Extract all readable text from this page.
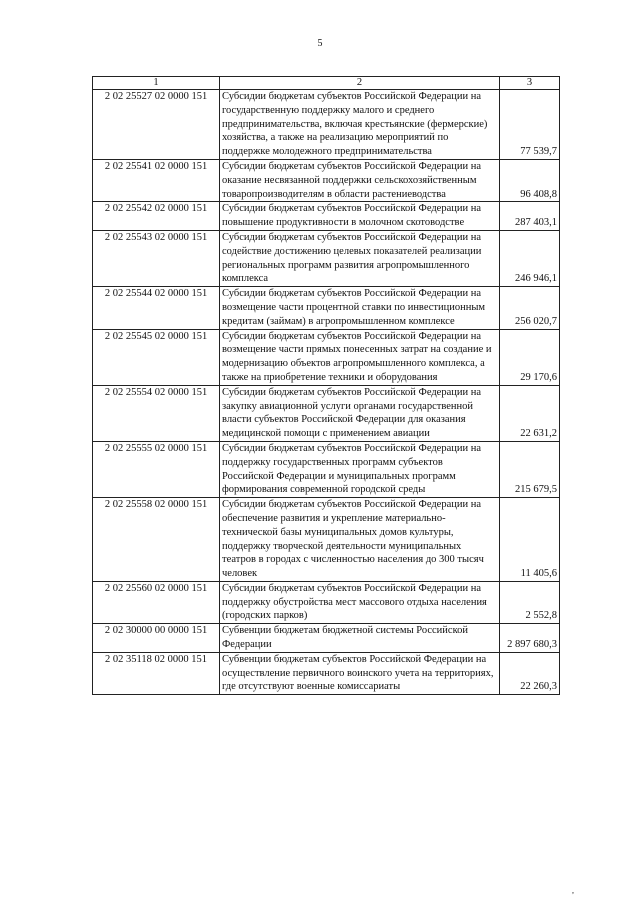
5
1	2	3
2 02 25527 02 0000 151	Субсидии бюджетам субъектов Российской Федерации на государственную поддержку малого и среднего предпринимательства, включая крестьянские (фермерские) хозяйства, а также на реализацию мероприятий по поддержке молодежного предпринимательства	77 539,7
2 02 25541 02 0000 151	Субсидии бюджетам субъектов Российской Федерации на оказание несвязанной поддержки сельскохозяйственным товаропроизводителям в области растениеводства	96 408,8
2 02 25542 02 0000 151	Субсидии бюджетам субъектов Российской Федерации на повышение продуктивности в молочном скотоводстве	287 403,1
2 02 25543 02 0000 151	Субсидии бюджетам субъектов Российской Федерации на содействие достижению целевых показателей реализации региональных программ развития агропромышленного комплекса	246 946,1
2 02 25544 02 0000 151	Субсидии бюджетам субъектов Российской Федерации на возмещение части процентной ставки по инвестиционным кредитам (займам) в агропромышленном комплексе	256 020,7
2 02 25545 02 0000 151	Субсидии бюджетам субъектов Российской Федерации на возмещение части прямых понесенных затрат на создание и модернизацию объектов агропромышленного комплекса, а также на приобретение техники и оборудования	29 170,6
2 02 25554 02 0000 151	Субсидии бюджетам субъектов Российской Федерации на закупку авиационной услуги органами государственной власти субъектов Российской Федерации для оказания медицинской помощи с применением авиации	22 631,2
2 02 25555 02 0000 151	Субсидии бюджетам субъектов Российской Федерации на поддержку государственных программ субъектов Российской Федерации и муниципальных программ формирования современной городской среды	215 679,5
2 02 25558 02 0000 151	Субсидии бюджетам субъектов Российской Федерации на обеспечение развития и укрепление материально-технической базы муниципальных домов культуры, поддержку творческой деятельности муниципальных театров в городах с численностью населения до 300 тысяч человек	11 405,6
2 02 25560 02 0000 151	Субсидии бюджетам субъектов Российской Федерации на поддержку обустройства мест массового отдыха населения (городских парков)	2 552,8
2 02 30000 00 0000 151	Субвенции бюджетам бюджетной системы Российской Федерации	2 897 680,3
2 02 35118 02 0000 151	Субвенции бюджетам субъектов Российской Федерации на осуществление первичного воинского учета на территориях, где отсутствуют военные комиссариаты	22 260,3
,
